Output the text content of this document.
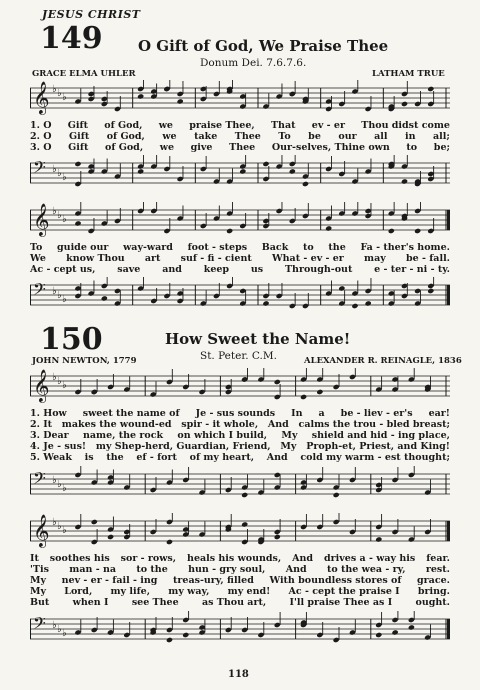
JESUS CHRIST
149 O Gift of God, We Praise Thee
Donum Dei. 7.6.7.6.
GRACE ELMA UHLER	LATHAM TRUE
𝄞 ♭ ♭ ♭
1. O Gift of God, we praise Thee, That ev - er Thou didst come
2. O Gift of God, we take Thee To be our all in all;
3. O Gift of God, we give Thee Our-selves, Thine own to be;
𝄢 ♭ ♭ ♭
𝄞 ♭ ♭ ♭
To guide our way-ward foot - steps Back to the Fa - ther's home.
We know Thou art suf - fi - cient What - ev - er may be - fall.
Ac - cept us, save and keep us Through-out e - ter - ni - ty.
𝄢 ♭ ♭ ♭
150	How Sweet the Name!
St. Peter. C.M.
JOHN NEWTON, 1779	ALEXANDER R. REINAGLE, 1836
𝄞 ♭ ♭ ♭
1. How sweet the name of Je - sus sounds In a be - liev - er's ear!
2. It makes the wound-ed spir - it whole, And calms the trou - bled breast;
3. Dear name, the rock on which I build, My shield and hid - ing place,
4. Je - sus! my Shep-herd, Guardian, Friend, My Proph-et, Priest, and King!
5. Weak is the ef - fort of my heart, And cold my warm - est thought;
𝄢 ♭ ♭ ♭
𝄞 ♭ ♭ ♭
It soothes his sor - rows, heals his wounds, And drives a - way his fear.
'Tis man - na to the hun - gry soul, And to the wea - ry, rest.
My nev - er - fail - ing treas-ury, filled With boundless stores of grace.
My Lord, my life, my way, my end! Ac - cept the praise I bring.
But when I see Thee as Thou art, I'll praise Thee as I ought.
𝄢 ♭ ♭ ♭
118
